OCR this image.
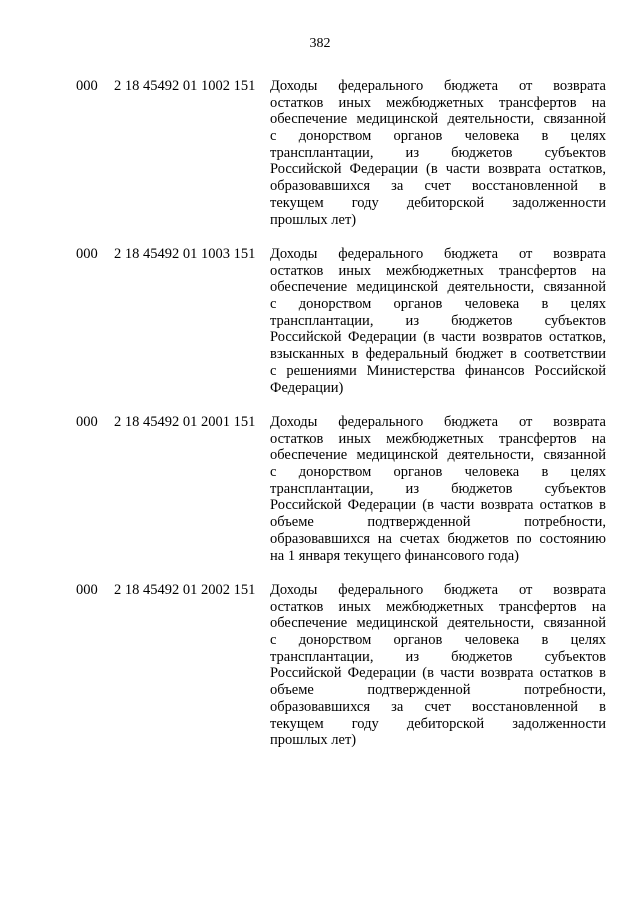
382
000 2 18 45492 01 1002 151 Доходы федерального бюджета от возврата
остатков иных межбюджетных трансфертов на
обеспечение медицинской деятельности, связанной
с донорством органов человека в целях
трансплантации, из бюджетов субъектов
Российской Федерации (в части возврата остатков,
образовавшихся за счет восстановленной в
текущем году дебиторской задолженности
прошлых лет)
000 2 18 45492 01 1003 151 Доходы федерального бюджета от возврата
остатков иных межбюджетных трансфертов на
обеспечение медицинской деятельности, связанной
с донорством органов человека в целях
трансплантации, из бюджетов субъектов
Российской Федерации (в части возвратов остатков,
взысканных в федеральный бюджет в соответствии
с решениями Министерства финансов Российской
Федерации)
000 2 18 45492 01 2001 151 Доходы федерального бюджета от возврата
остатков иных межбюджетных трансфертов на
обеспечение медицинской деятельности, связанной
с донорством органов человека в целях
трансплантации, из бюджетов субъектов
Российской Федерации (в части возврата остатков в
объеме подтвержденной потребности,
образовавшихся на счетах бюджетов по состоянию
на 1 января текущего финансового года)
000 2 18 45492 01 2002 151 Доходы федерального бюджета от возврата
остатков иных межбюджетных трансфертов на
обеспечение медицинской деятельности, связанной
с донорством органов человека в целях
трансплантации, из бюджетов субъектов
Российской Федерации (в части возврата остатков в
объеме подтвержденной потребности,
образовавшихся за счет восстановленной в
текущем году дебиторской задолженности
прошлых лет)
